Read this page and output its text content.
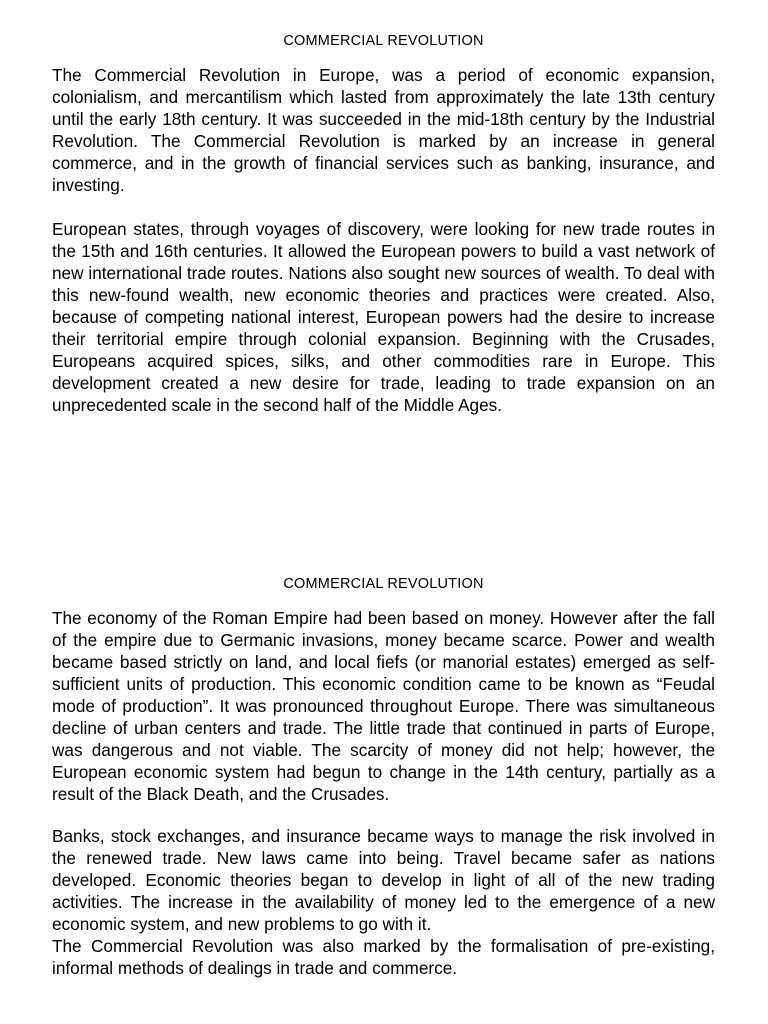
COMMERCIAL REVOLUTION

The Commercial Revolution in Europe, was a period of economic expansion, colonialism, and mercantilism which lasted from approximately the late 13th century until the early 18th century. It was succeeded in the mid-18th century by the Industrial Revolution. The Commercial Revolution is marked by an increase in general commerce, and in the growth of financial services such as banking, insurance, and investing.

European states, through voyages of discovery, were looking for new trade routes in the 15th and 16th centuries. It allowed the European powers to build a vast network of new international trade routes. Nations also sought new sources of wealth. To deal with this new-found wealth, new economic theories and practices were created. Also, because of competing national interest, European powers had the desire to increase their territorial empire through colonial expansion. Beginning with the Crusades, Europeans acquired spices, silks, and other commodities rare in Europe. This development created a new desire for trade, leading to trade expansion on an unprecedented scale in the second half of the Middle Ages.

COMMERCIAL REVOLUTION

The economy of the Roman Empire had been based on money. However after the fall of the empire due to Germanic invasions, money became scarce. Power and wealth became based strictly on land, and local fiefs (or manorial estates) emerged as self-sufficient units of production. This economic condition came to be known as “Feudal mode of production”. It was pronounced throughout Europe. There was simultaneous decline of urban centers and trade. The little trade that continued in parts of Europe, was dangerous and not viable. The scarcity of money did not help; however, the European economic system had begun to change in the 14th century, partially as a result of the Black Death, and the Crusades.

Banks, stock exchanges, and insurance became ways to manage the risk involved in the renewed trade. New laws came into being. Travel became safer as nations developed. Economic theories began to develop in light of all of the new trading activities. The increase in the availability of money led to the emergence of a new economic system, and new problems to go with it.

The Commercial Revolution was also marked by the formalisation of pre-existing, informal methods of dealings in trade and commerce.
